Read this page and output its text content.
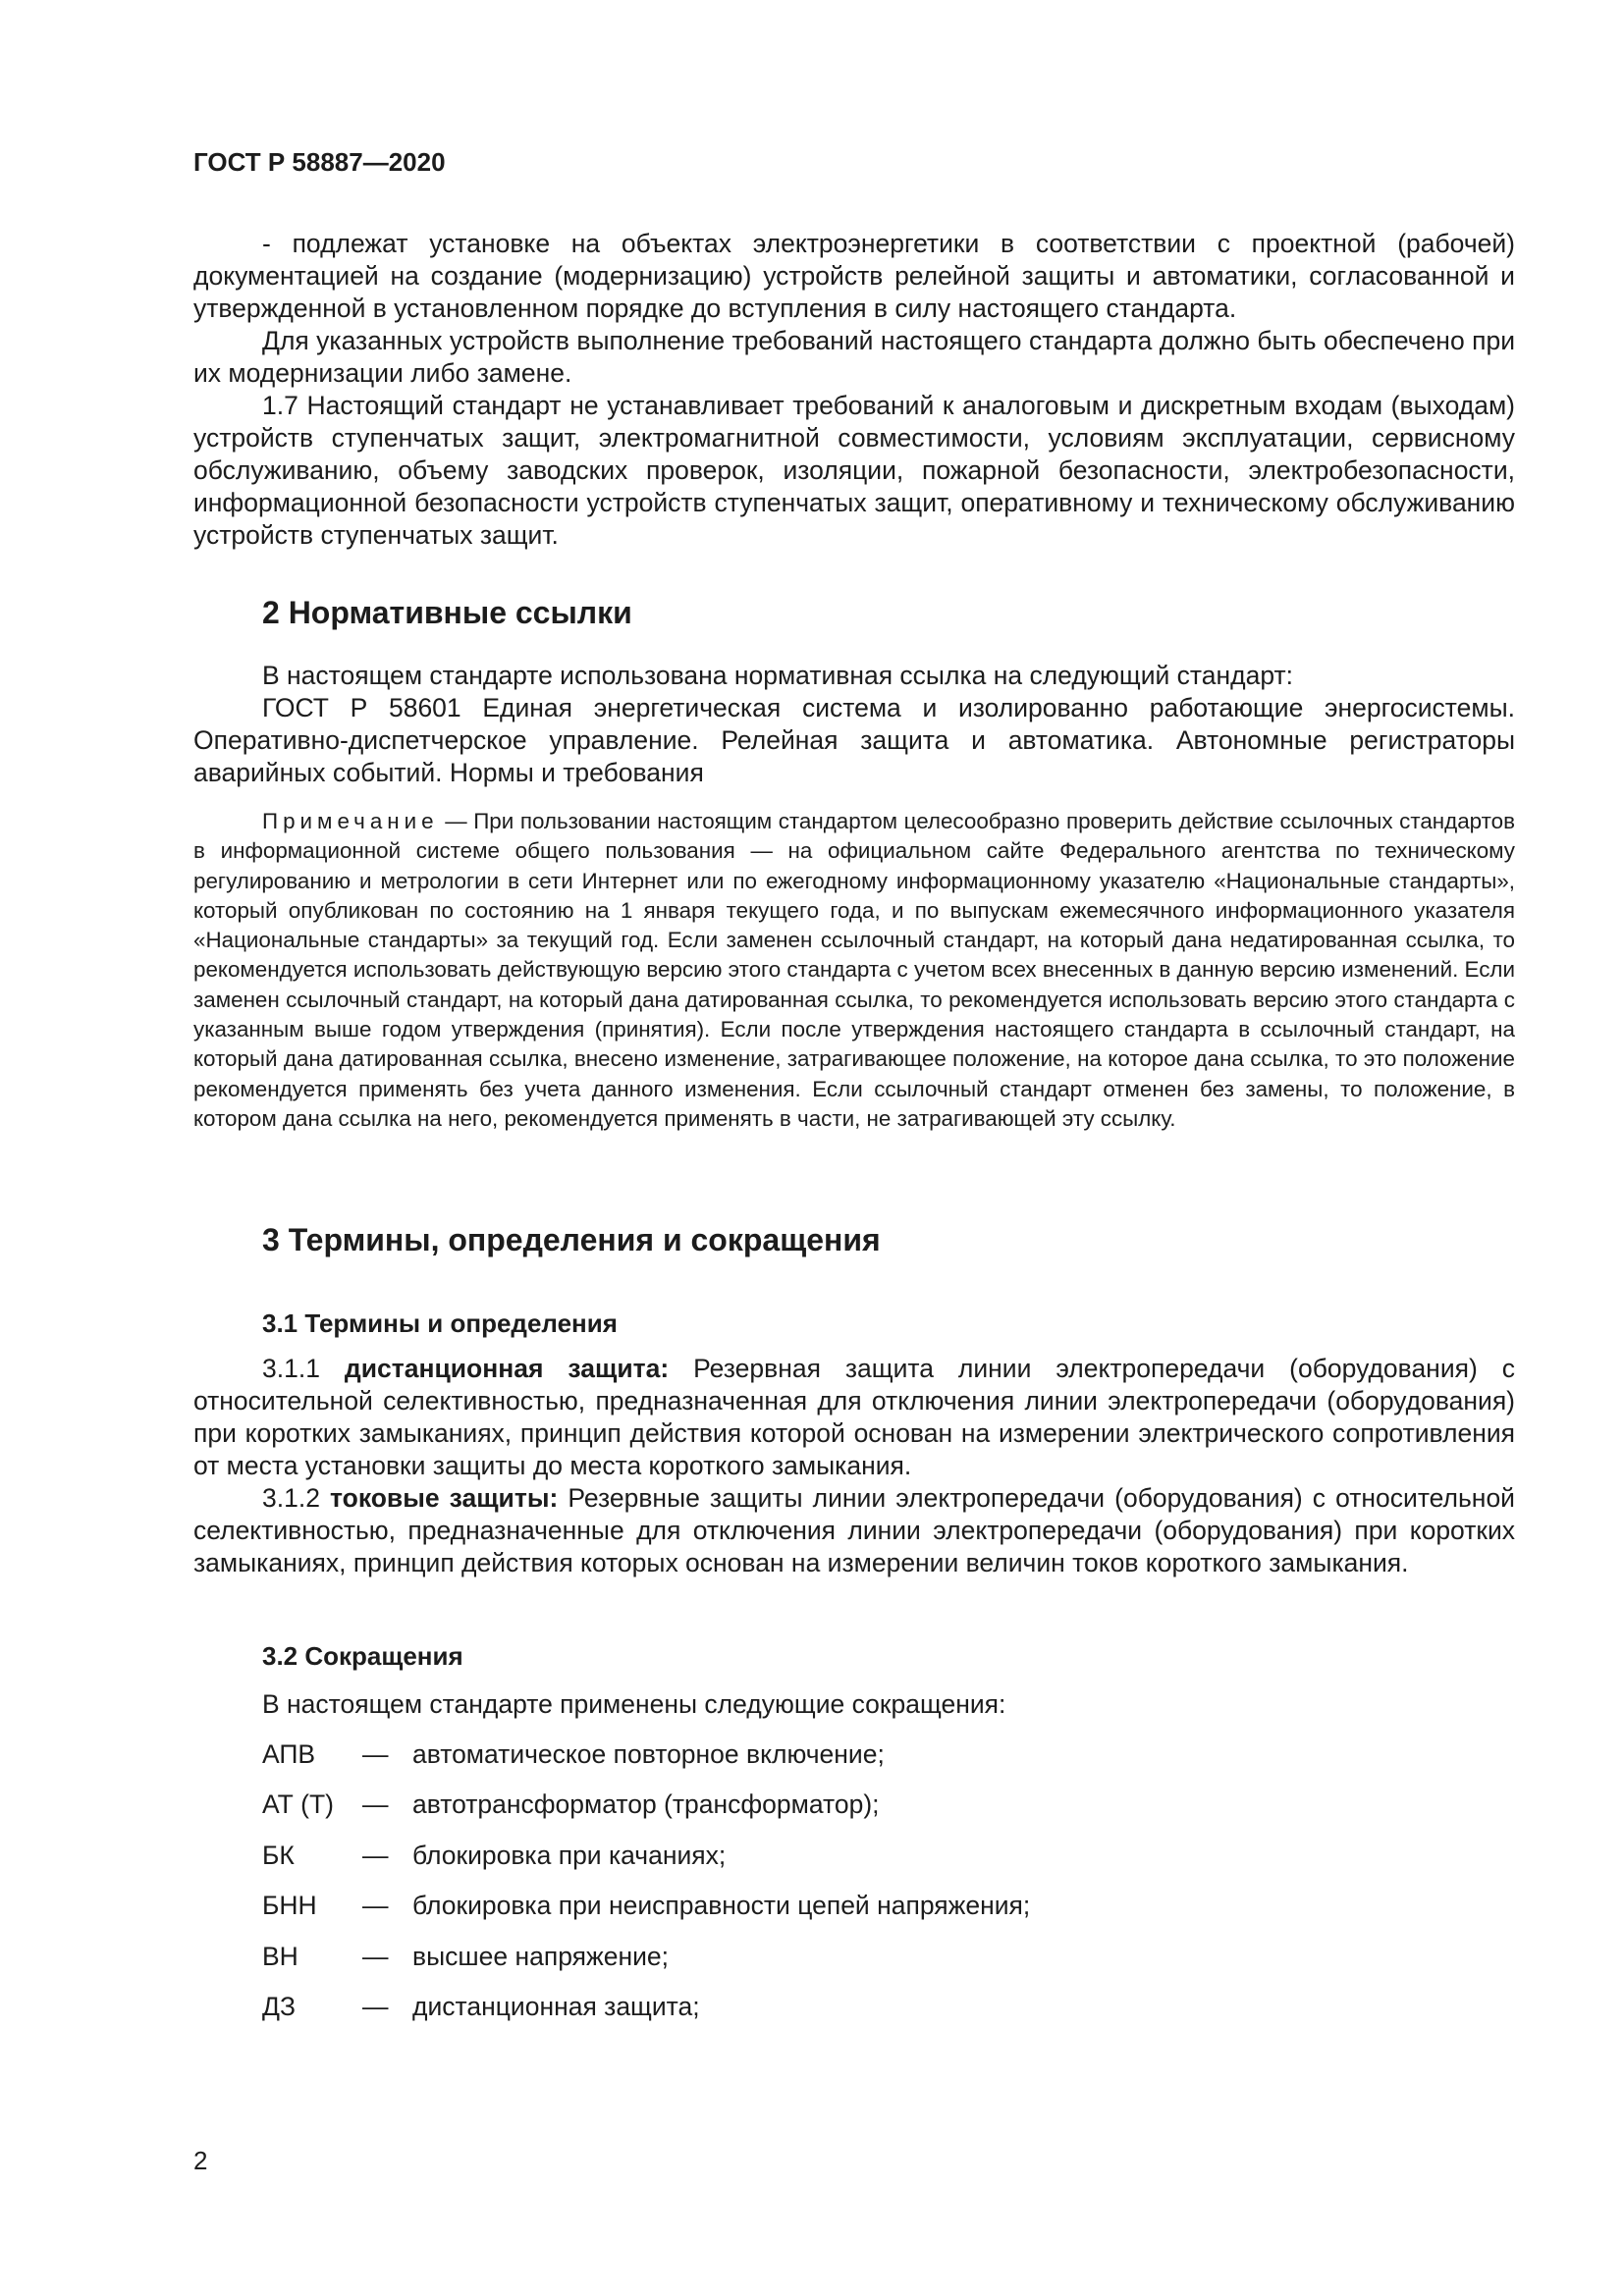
ГОСТ Р 58887—2020

- подлежат установке на объектах электроэнергетики в соответствии с проектной (рабочей) документацией на создание (модернизацию) устройств релейной защиты и автоматики, согласованной и утвержденной в установленном порядке до вступления в силу настоящего стандарта.

Для указанных устройств выполнение требований настоящего стандарта должно быть обеспечено при их модернизации либо замене.

1.7 Настоящий стандарт не устанавливает требований к аналоговым и дискретным входам (выходам) устройств ступенчатых защит, электромагнитной совместимости, условиям эксплуатации, сервисному обслуживанию, объему заводских проверок, изоляции, пожарной безопасности, электробезопасности, информационной безопасности устройств ступенчатых защит, оперативному и техническому обслуживанию устройств ступенчатых защит.

2 Нормативные ссылки

В настоящем стандарте использована нормативная ссылка на следующий стандарт:

ГОСТ Р 58601 Единая энергетическая система и изолированно работающие энергосистемы. Оперативно-диспетчерское управление. Релейная защита и автоматика. Автономные регистраторы аварийных событий. Нормы и требования

Примечание — При пользовании настоящим стандартом целесообразно проверить действие ссылочных стандартов в информационной системе общего пользования — на официальном сайте Федерального агентства по техническому регулированию и метрологии в сети Интернет или по ежегодному информационному указателю «Национальные стандарты», который опубликован по состоянию на 1 января текущего года, и по выпускам ежемесячного информационного указателя «Национальные стандарты» за текущий год. Если заменен ссылочный стандарт, на который дана недатированная ссылка, то рекомендуется использовать действующую версию этого стандарта с учетом всех внесенных в данную версию изменений. Если заменен ссылочный стандарт, на который дана датированная ссылка, то рекомендуется использовать версию этого стандарта с указанным выше годом утверждения (принятия). Если после утверждения настоящего стандарта в ссылочный стандарт, на который дана датированная ссылка, внесено изменение, затрагивающее положение, на которое дана ссылка, то это положение рекомендуется применять без учета данного изменения. Если ссылочный стандарт отменен без замены, то положение, в котором дана ссылка на него, рекомендуется применять в части, не затрагивающей эту ссылку.

3 Термины, определения и сокращения
3.1 Термины и определения

3.1.1 дистанционная защита: Резервная защита линии электропередачи (оборудования) с относительной селективностью, предназначенная для отключения линии электропередачи (оборудования) при коротких замыканиях, принцип действия которой основан на измерении электрического сопротивления от места установки защиты до места короткого замыкания.

3.1.2 токовые защиты: Резервные защиты линии электропередачи (оборудования) с относительной селективностью, предназначенные для отключения линии электропередачи (оборудования) при коротких замыканиях, принцип действия которых основан на измерении величин токов короткого замыкания.

3.2 Сокращения

В настоящем стандарте применены следующие сокращения:

АПВ — автоматическое повторное включение;
АТ (Т) — автотрансформатор (трансформатор);
БК	— блокировка при качаниях;
БНН — блокировка при неисправности цепей напряжения;
ВН — высшее напряжение;
ДЗ	— дистанционная защита;
2
